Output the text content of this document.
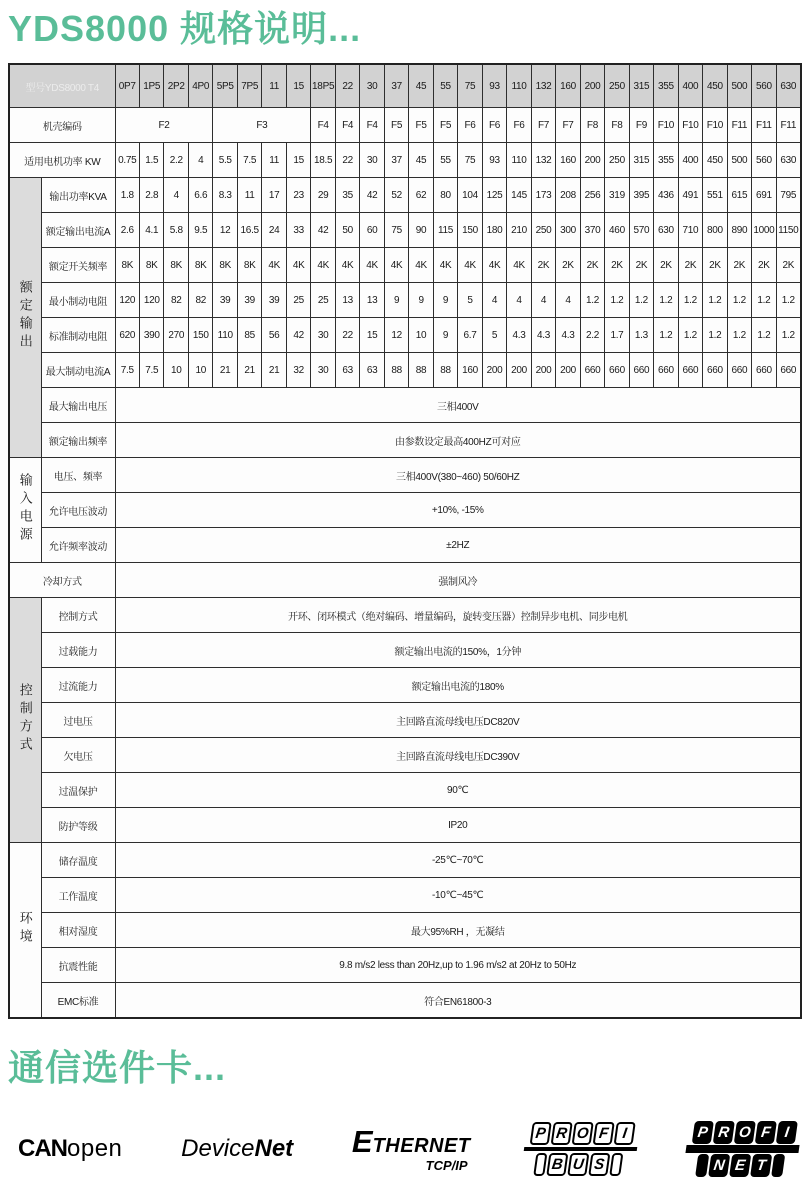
YDS8000 规格说明...
型号YDS8000 T4		0P7	1P5	2P2	4P0	5P5	7P5	11	15	18P5	22	30	37	45	55	75	93	110	132	160	200	250	315	355	400	450	500	560	630
机壳编码		F2				F3				F4	F4	F4	F5	F5	F5	F6	F6	F6	F7	F7	F8	F8	F9	F10	F10	F10	F11	F11	F11
适用电机功率 KW		0.75	1.5	2.2	4	5.5	7.5	11	15	18.5	22	30	37	45	55	75	93	110	132	160	200	250	315	355	400	450	500	560	630
额定输出	输出功率KVA	1.8	2.8	4	6.6	8.3	11	17	23	29	35	42	52	62	80	104	125	145	173	208	256	319	395	436	491	551	615	691	795
	额定输出电流A	2.6	4.1	5.8	9.5	12	16.5	24	33	42	50	60	75	90	115	150	180	210	250	300	370	460	570	630	710	800	890	1000	1150
	额定开关频率	8K	8K	8K	8K	8K	8K	4K	4K	4K	4K	4K	4K	4K	4K	4K	4K	4K	2K	2K	2K	2K	2K	2K	2K	2K	2K	2K	2K
	最小制动电阻	120	120	82	82	39	39	39	25	25	13	13	9	9	9	5	4	4	4	4	1.2	1.2	1.2	1.2	1.2	1.2	1.2	1.2	1.2
	标准制动电阻	620	390	270	150	110	85	56	42	30	22	15	12	10	9	6.7	5	4.3	4.3	4.3	2.2	1.7	1.3	1.2	1.2	1.2	1.2	1.2	1.2
	最大制动电流A	7.5	7.5	10	10	21	21	21	32	30	63	63	88	88	88	160	200	200	200	200	660	660	660	660	660	660	660	660	660
	最大输出电压	三相400V																											
	额定输出频率	由参数设定最高400HZ可对应																											
输入电源	电压、频率	三相400V(380~460) 50/60HZ																											
	允许电压波动	+10%, -15%																											
	允许频率波动	±2HZ																											
冷却方式		强制风冷																											
控制方式	控制方式	开环、闭环模式（绝对编码、增量编码，旋转变压器）控制异步电机、同步电机																											
	过载能力	额定输出电流的150%，1分钟																											
	过流能力	额定输出电流的180%																											
	过电压	主回路直流母线电压DC820V																											
	欠电压	主回路直流母线电压DC390V																											
	过温保护	90℃																											
	防护等级	IP20																											
环境	储存温度	-25℃~70℃																											
	工作温度	-10℃~45℃																											
	相对湿度	最大95%RH ，无凝结																											
	抗震性能	9.8 m/s2 less than 20Hz,up to 1.96 m/s2 at 20Hz to 50Hz																											
	EMC标准	符合EN61800-3																											
通信选件卡...
CANopen DeviceNet ETHERNET
TCP/IP
P R O F I
B U S
P R O F I
N E T
